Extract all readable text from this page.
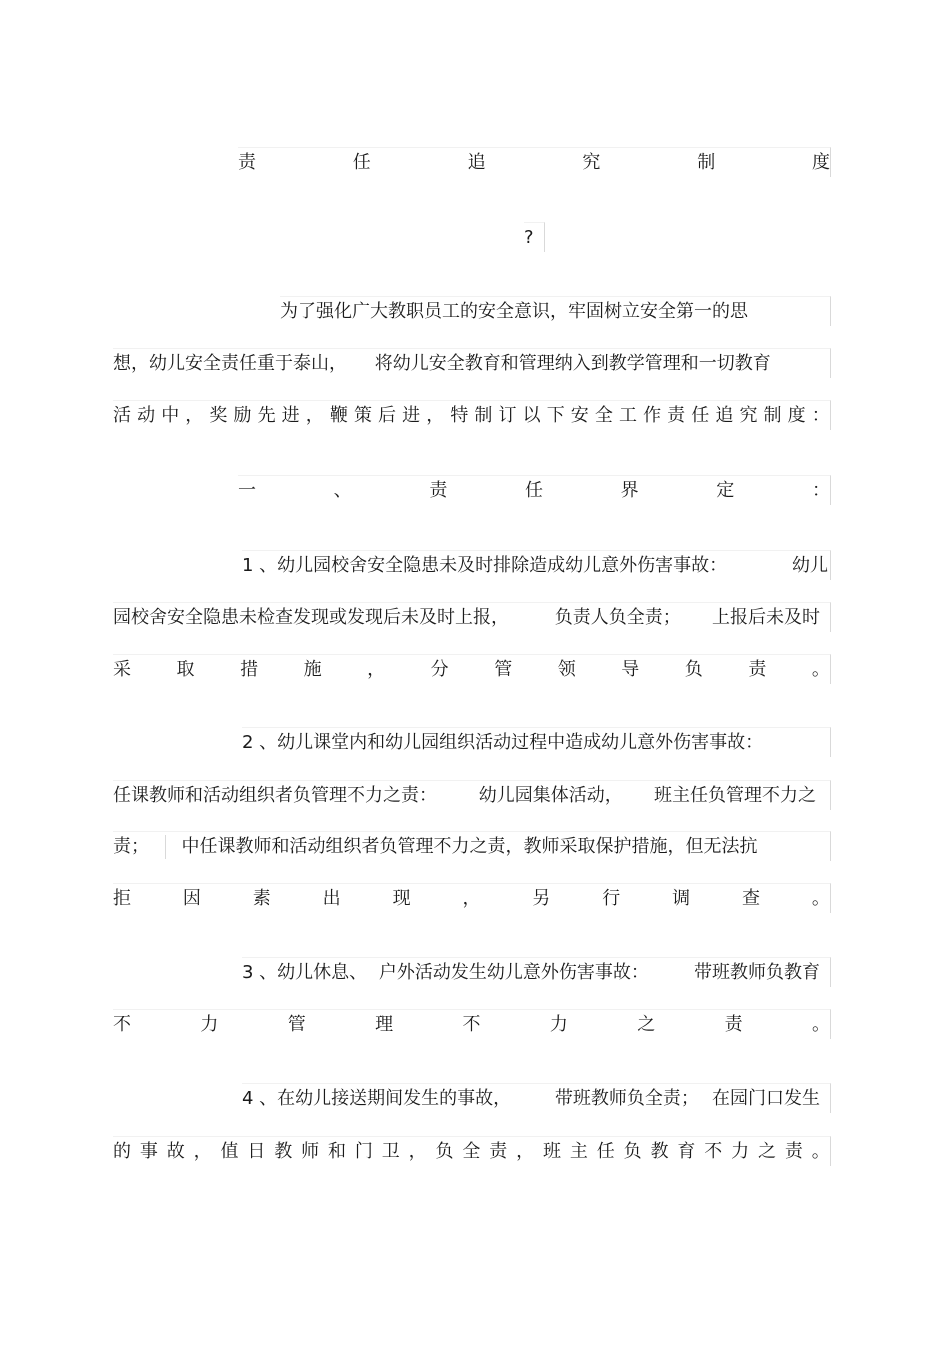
责	任	追	究	制	度
?
为了强化广大教职员工的安全意识，牢固树立安全第一的思
想，幼儿安全责任重于泰山， 将幼儿安全教育和管理纳入到教学管理和一切教育
活 动 中 ， 奖 励 先 进 ， 鞭 策 后 进 ， 特 制 订 以 下 安 全 工 作 责 任 追 究 制 度 ：
一	、	责	任	界	定	：
1 、幼儿园校舍安全隐患未及时排除造成幼儿意外伤害事故：	幼儿
园校舍安全隐患未检查发现或发现后未及时上报，	负责人负全责； 上报后未及时
采	取	措	施	，	分	管	领	导	负	责	。
2 、幼儿课堂内和幼儿园组织活动过程中造成幼儿意外伤害事故：
任课教师和活动组织者负管理不力之责： 幼儿园集体活动， 班主任负管理不力之
责； 中任课教师和活动组织者负管理不力之责，教师采取保护措施，但无法抗
拒	因	素	出	现	，	另	行	调	查	。
3 、幼儿休息、 户外活动发生幼儿意外伤害事故：	带班教师负教育
不	力	管	理	不	力	之	责	。
4 、在幼儿接送期间发生的事故， 带班教师负全责； 在园门口发生
的 事 故 ， 值 日 教 师 和 门 卫 ， 负 全 责 ， 班 主 任 负 教 育 不 力 之 责 。
